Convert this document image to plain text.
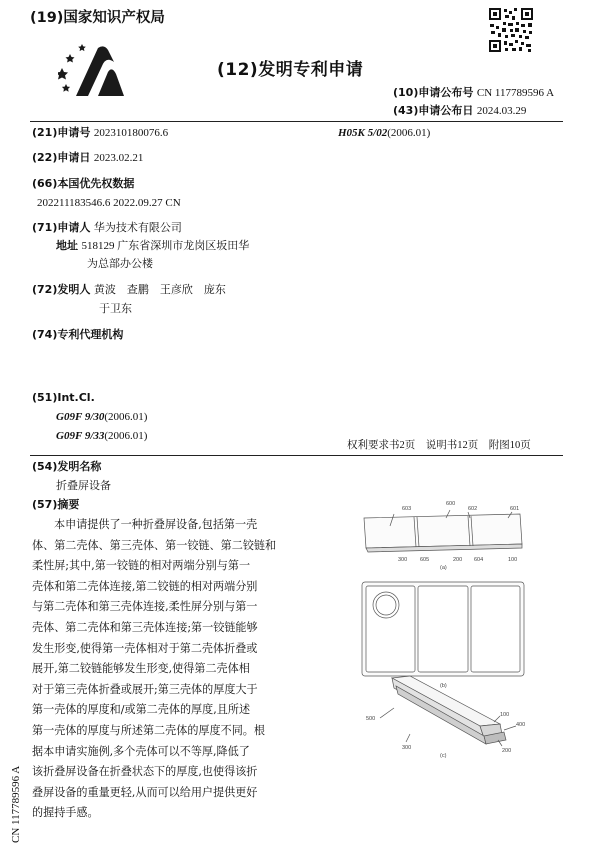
(19)国家知识产权局
(12)发明专利申请
(10)申请公布号 CN 117789596 A
(43)申请公布日 2024.03.29
(21)申请号 202310180076.6	H05K 5/02(2006.01)
(22)申请日 2023.02.21
(66)本国优先权数据
202211183546.6 2022.09.27 CN
(71)申请人 华为技术有限公司
地址 518129 广东省深圳市龙岗区坂田华
为总部办公楼
(72)发明人 黄波　查鹏　王彦欣　庞东
于卫东
(74)专利代理机构
(51)Int.Cl.
G09F 9/30(2006.01)
G09F 9/33(2006.01)
权利要求书2页　说明书12页　附图10页
(54)发明名称
折叠屏设备
(57)摘要
本申请提供了一种折叠屏设备,包括第一壳
体、第二壳体、第三壳体、第一铰链、第二铰链和
柔性屏;其中,第一铰链的相对两端分别与第一
壳体和第二壳体连接,第二铰链的相对两端分别
与第二壳体和第三壳体连接,柔性屏分别与第一
壳体、第二壳体和第三壳体连接;第一铰链能够
发生形变,使得第一壳体相对于第二壳体折叠或
展开,第二铰链能够发生形变,使得第二壳体相
对于第三壳体折叠或展开;第三壳体的厚度大于
第一壳体的厚度和/或第二壳体的厚度,且所述
第一壳体的厚度与所述第二壳体的厚度不同。根
据本申请实施例,多个壳体可以不等厚,降低了
该折叠屏设备在折叠状态下的厚度,也使得该折
叠屏设备的重量更轻,从而可以给用户提供更好
的握持手感。
603
600
602	601
300 605	200 604	100
(a)
(b)
500
100
400
300	200
(c)
CN 117789596 A
